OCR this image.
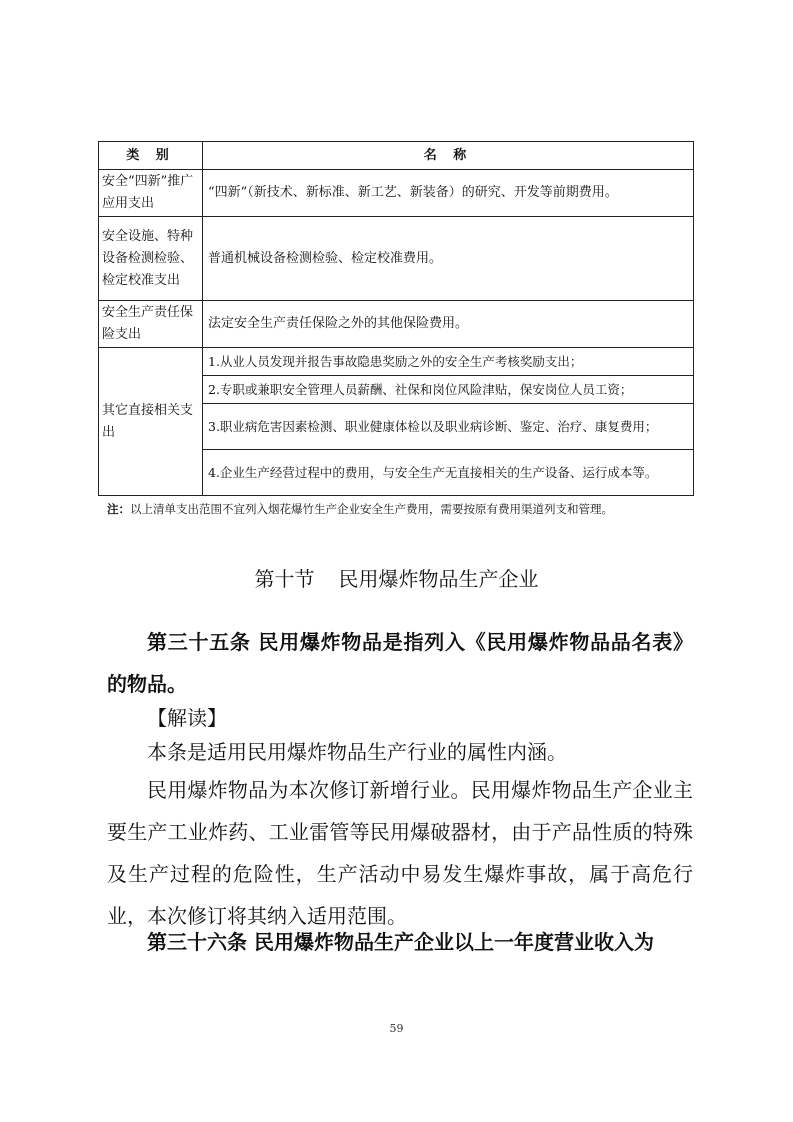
类 别	名 称
安全“四新”推广应用支出	“四新”（新技术、新标准、新工艺、新装备）的研究、开发等前期费用。
安全设施、特种设备检测检验、检定校准支出	普通机械设备检测检验、检定校准费用。
安全生产责任保险支出	法定安全生产责任保险之外的其他保险费用。
其它直接相关支出	1.从业人员发现并报告事故隐患奖励之外的安全生产考核奖励支出；
	2.专职或兼职安全管理人员薪酬、社保和岗位风险津贴，保安岗位人员工资；
	3.职业病危害因素检测、职业健康体检以及职业病诊断、鉴定、治疗、康复费用；
	4.企业生产经营过程中的费用，与安全生产无直接相关的生产设备、运行成本等。
注：以上清单支出范围不宜列入烟花爆竹生产企业安全生产费用，需要按原有费用渠道列支和管理。
第十节 民用爆炸物品生产企业

第三十五条 民用爆炸物品是指列入《民用爆炸物品品名表》的物品。

【解读】

本条是适用民用爆炸物品生产行业的属性内涵。

民用爆炸物品为本次修订新增行业。民用爆炸物品生产企业主要生产工业炸药、工业雷管等民用爆破器材，由于产品性质的特殊及生产过程的危险性，生产活动中易发生爆炸事故，属于高危行业，本次修订将其纳入适用范围。

第三十六条 民用爆炸物品生产企业以上一年度营业收入为

59
